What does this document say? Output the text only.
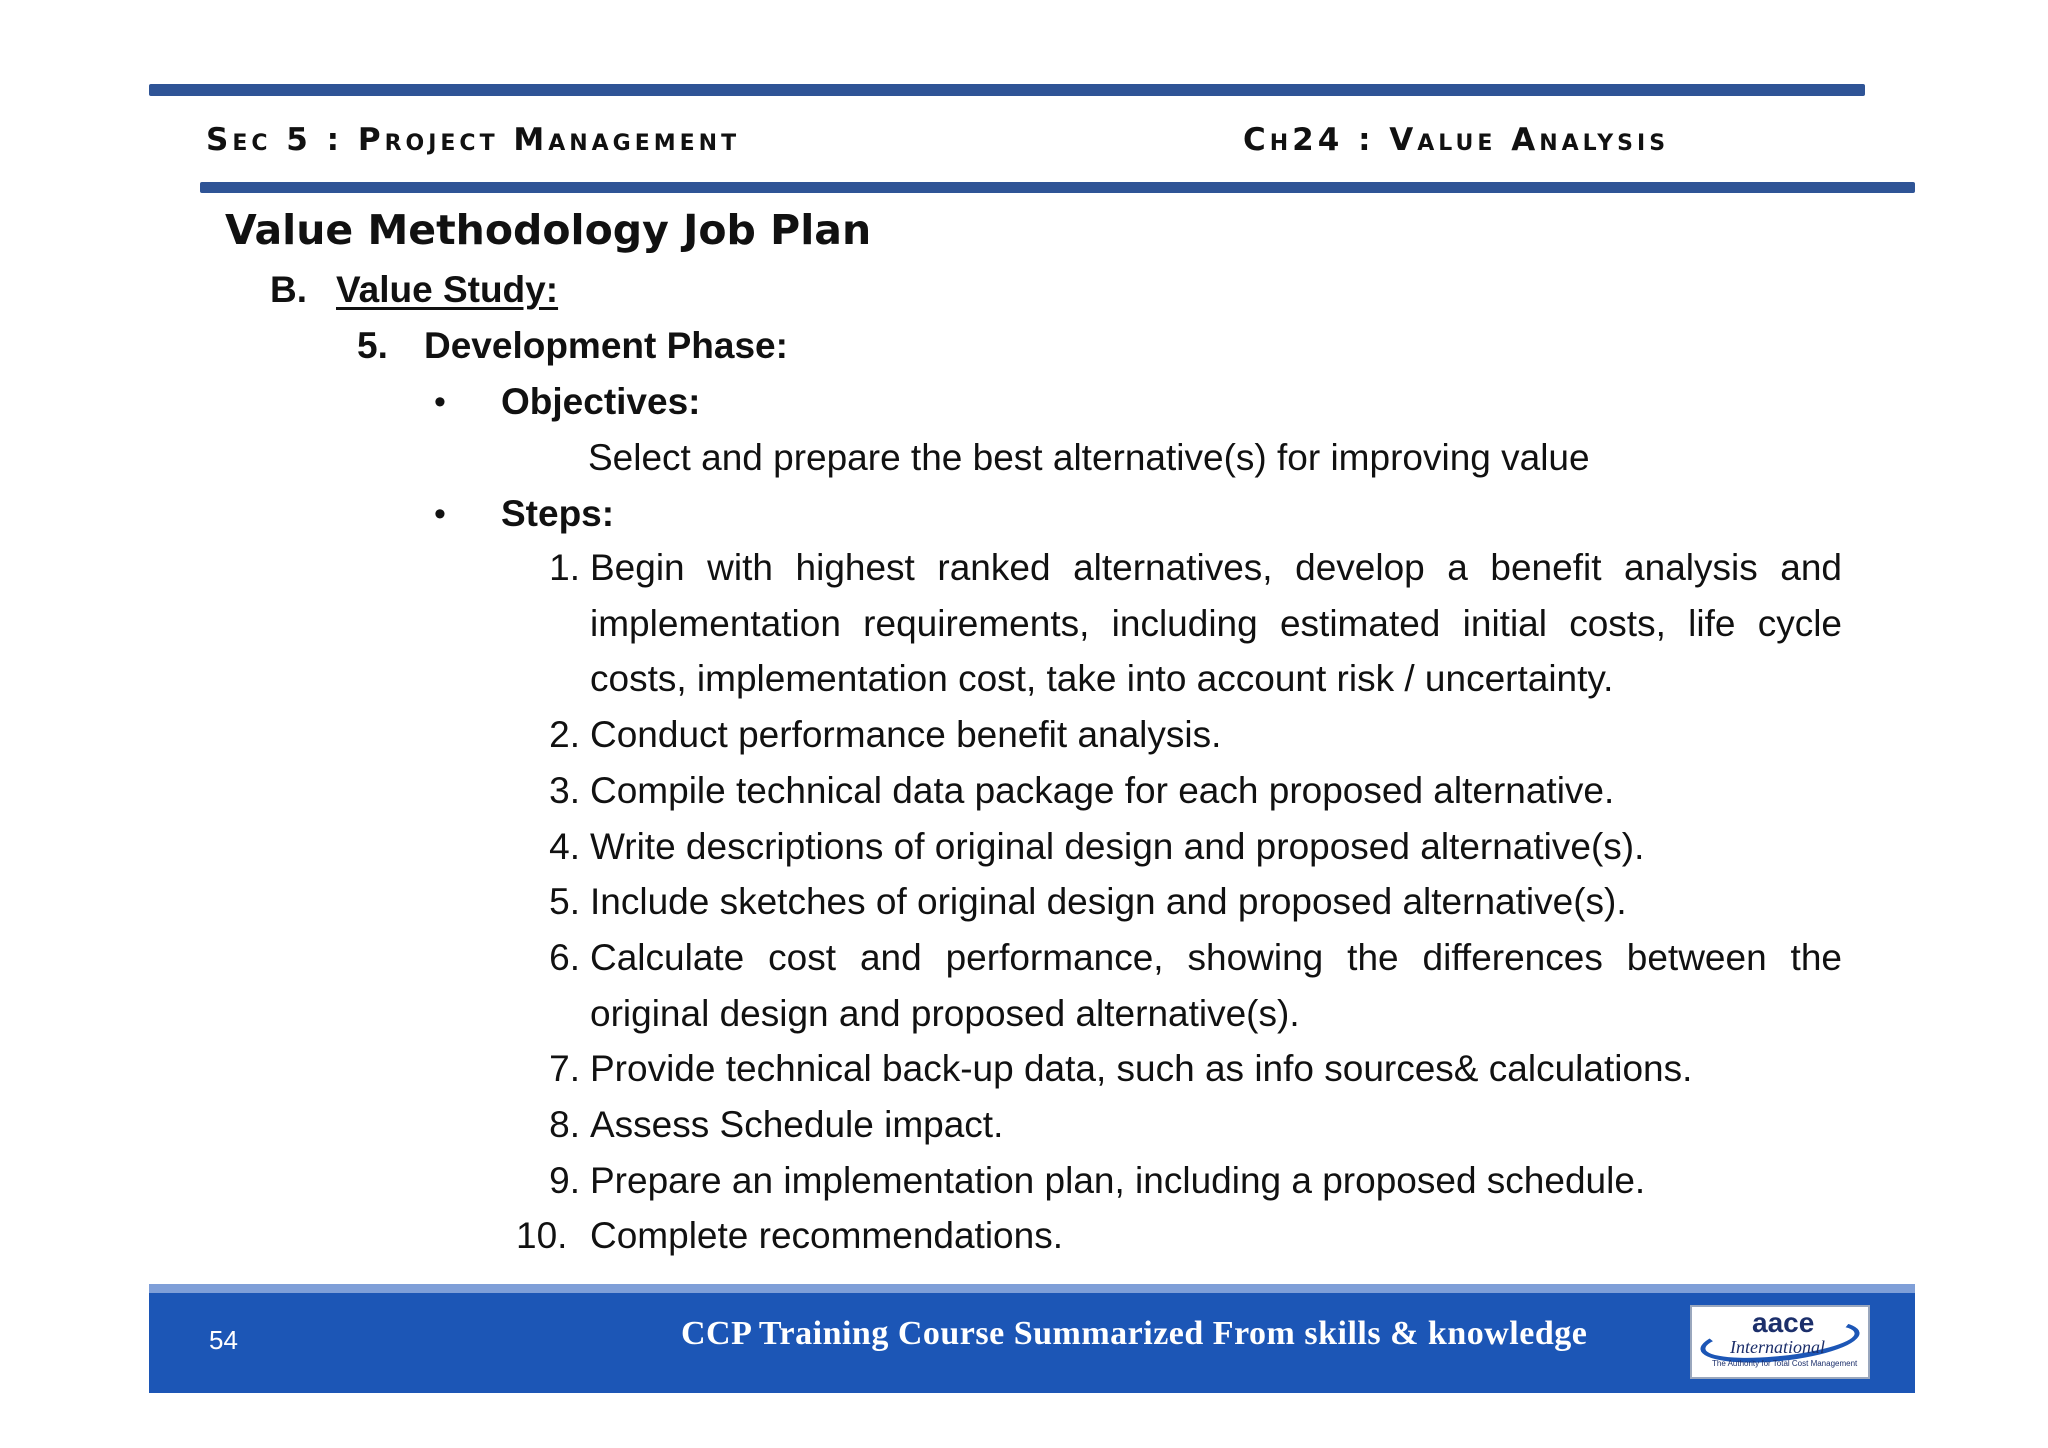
Sec 5 : Project Management	Ch24 : Value Analysis
Value Methodology Job Plan
B. Value Study:
5. Development Phase:
• Objectives:
Select and prepare the best alternative(s) for improving value
• Steps:
1. Begin with highest ranked alternatives, develop a benefit analysis and implementation requirements, including estimated initial costs, life cycle costs, implementation cost, take into account risk / uncertainty.
2. Conduct performance benefit analysis.
3. Compile technical data package for each proposed alternative.
4. Write descriptions of original design and proposed alternative(s).
5. Include sketches of original design and proposed alternative(s).
6. Calculate cost and performance, showing the differences between the original design and proposed alternative(s).
7. Provide technical back-up data, such as info sources& calculations.
8. Assess Schedule impact.
9. Prepare an implementation plan, including a proposed schedule.
10. Complete recommendations.
54	CCP Training Course Summarized From skills & knowledge	aace
International
The Authority for Total Cost Management
